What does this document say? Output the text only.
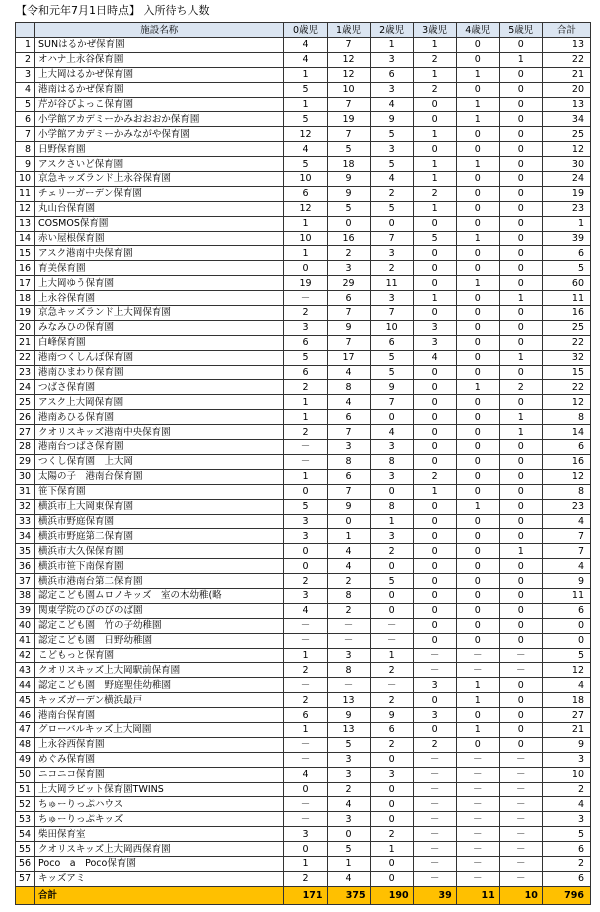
【令和元年7月1日時点】 入所待ち人数
	施設名称	0歳児	1歳児	2歳児	3歳児	4歳児	5歳児	合計
1	SUNはるかぜ保育園	4	7	1	1	0	0	13
2	オハナ上永谷保育園	4	12	3	2	0	1	22
3	上大岡はるかぜ保育園	1	12	6	1	1	0	21
4	港南はるかぜ保育園	5	10	3	2	0	0	20
5	芹が谷ぴよっこ保育園	1	7	4	0	1	0	13
6	小学館アカデミーかみおおおか保育園	5	19	9	0	1	0	34
7	小学館アカデミーかみながや保育園	12	7	5	1	0	0	25
8	日野保育園	4	5	3	0	0	0	12
9	アスクさいど保育園	5	18	5	1	1	0	30
10	京急キッズランド上永谷保育園	10	9	4	1	0	0	24
11	チェリーガーデン保育園	6	9	2	2	0	0	19
12	丸山台保育園	12	5	5	1	0	0	23
13	COSMOS保育園	1	0	0	0	0	0	1
14	赤い屋根保育園	10	16	7	5	1	0	39
15	アスク港南中央保育園	1	2	3	0	0	0	6
16	育美保育園	0	3	2	0	0	0	5
17	上大岡ゆう保育園	19	29	11	0	1	0	60
18	上永谷保育園	－	6	3	1	0	1	11
19	京急キッズランド上大岡保育園	2	7	7	0	0	0	16
20	みなみひの保育園	3	9	10	3	0	0	25
21	白峰保育園	6	7	6	3	0	0	22
22	港南つくしんぼ保育園	5	17	5	4	0	1	32
23	港南ひまわり保育園	6	4	5	0	0	0	15
24	つばさ保育園	2	8	9	0	1	2	22
25	アスク上大岡保育園	1	4	7	0	0	0	12
26	港南あひる保育園	1	6	0	0	0	1	8
27	クオリスキッズ港南中央保育園	2	7	4	0	0	1	14
28	港南台つばさ保育園	－	3	3	0	0	0	6
29	つくし保育園　上大岡	－	8	8	0	0	0	16
30	太陽の子　港南台保育園	1	6	3	2	0	0	12
31	笹下保育園	0	7	0	1	0	0	8
32	横浜市上大岡東保育園	5	9	8	0	1	0	23
33	横浜市野庭保育園	3	0	1	0	0	0	4
34	横浜市野庭第二保育園	3	1	3	0	0	0	7
35	横浜市大久保保育園	0	4	2	0	0	1	7
36	横浜市笹下南保育園	0	4	0	0	0	0	4
37	横浜市港南台第二保育園	2	2	5	0	0	0	9
38	認定こども園ムロノキッズ　室の木幼稚(略	3	8	0	0	0	0	11
39	関東学院のびのびのば園	4	2	0	0	0	0	6
40	認定こども園　竹の子幼稚園	－	－	－	0	0	0	0
41	認定こども園　日野幼稚園	－	－	－	0	0	0	0
42	こどもっと保育園	1	3	1	－	－	－	5
43	クオリスキッズ上大岡駅前保育園	2	8	2	－	－	－	12
44	認定こども園　野庭聖佳幼稚園	－	－	－	3	1	0	4
45	キッズガーデン横浜最戸	2	13	2	0	1	0	18
46	港南台保育園	6	9	9	3	0	0	27
47	グローバルキッズ上大岡園	1	13	6	0	1	0	21
48	上永谷西保育園	－	5	2	2	0	0	9
49	めぐみ保育園	－	3	0	－	－	－	3
50	ニコニコ保育園	4	3	3	－	－	－	10
51	上大岡ラビット保育園TWINS	0	2	0	－	－	－	2
52	ちゅーりっぷハウス	－	4	0	－	－	－	4
53	ちゅーりっぷキッズ	－	3	0	－	－	－	3
54	柴田保育室	3	0	2	－	－	－	5
55	クオリスキッズ上大岡西保育園	0	5	1	－	－	－	6
56	Poco　a　Poco保育園	1	1	0	－	－	－	2
57	キッズアミ	2	4	0	－	－	－	6
	合計	171	375	190	39	11	10	796
